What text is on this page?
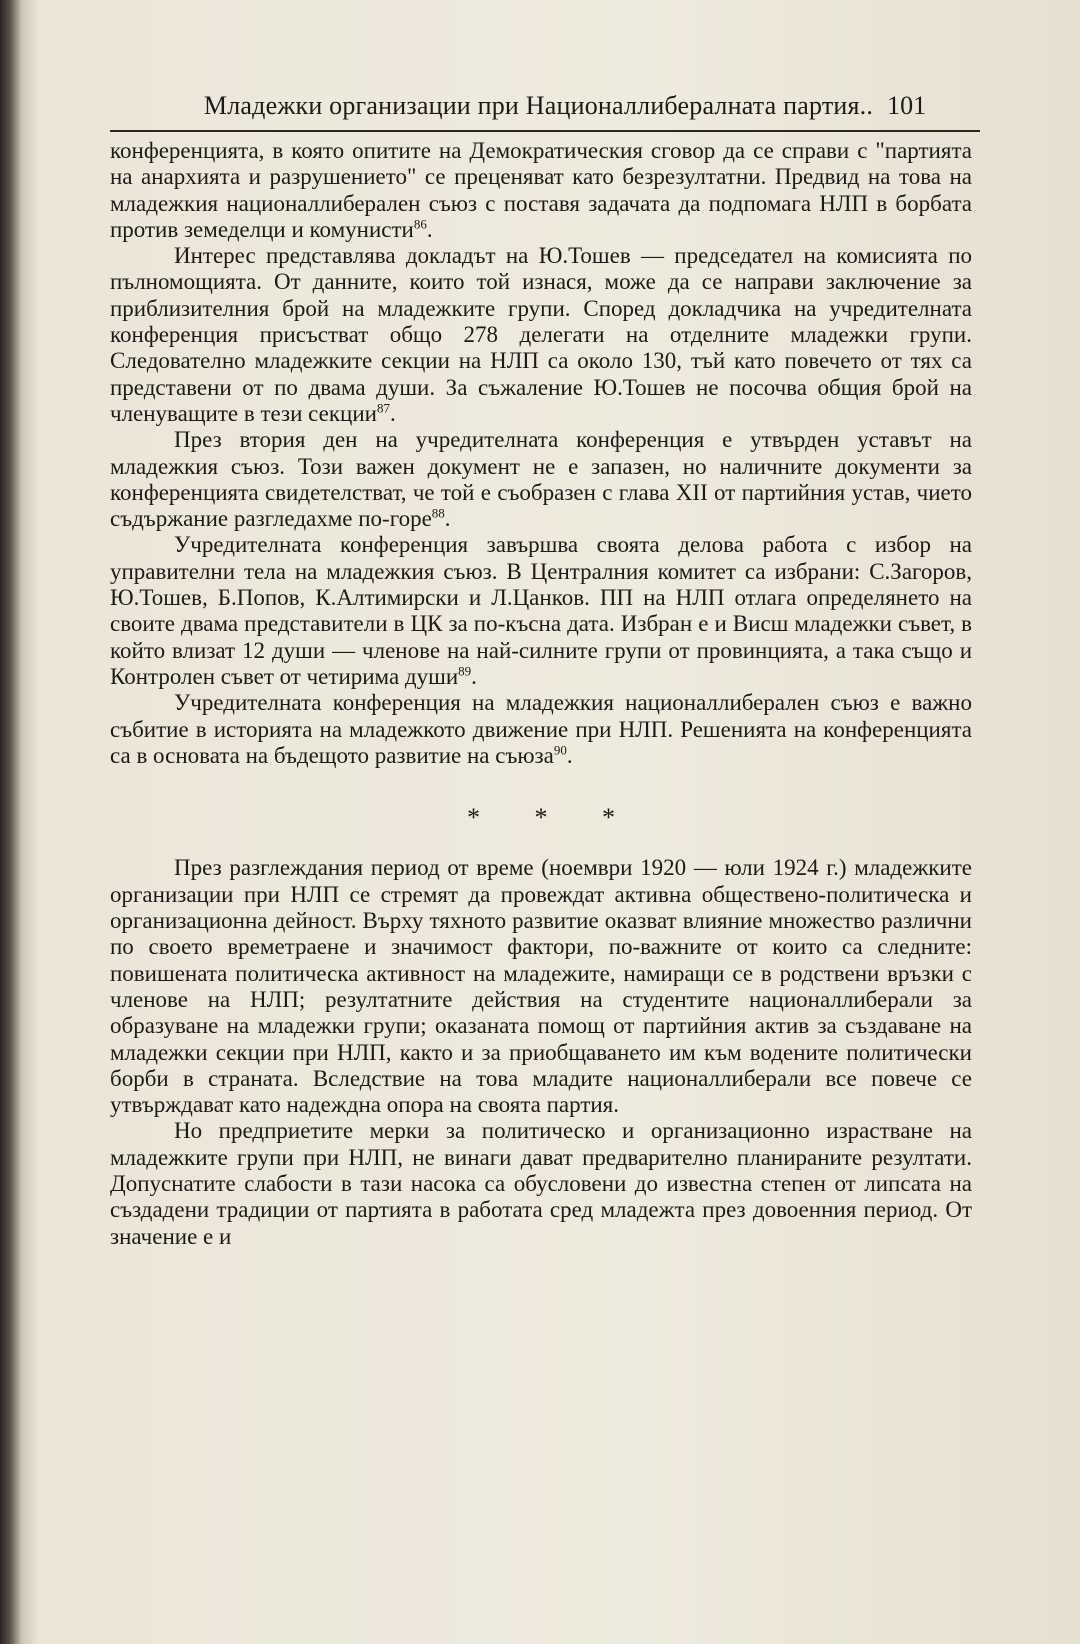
Младежки организации при Националлибералната партия.. 101

конференцията, в която опитите на Демократическия сговор да се справи с "партията на анархията и разрушението" се преценяват като безрезултатни. Предвид на това на младежкия националлиберален съюз с поставя задачата да подпомага НЛП в борбата против земеделци и комунисти$^{86}$.

Интерес представлява докладът на Ю.Тошев — председател на комисията по пълномощията. От данните, които той изнася, може да се направи заключение за приблизителния брой на младежките групи. Според докладчика на учредителната конференция присъстват общо 278 делегати на отделните младежки групи. Следователно младежките секции на НЛП са около 130, тъй като повечето от тях са представени от по двама души. За съжаление Ю.Тошев не посочва общия брой на членуващите в тези секции$^{87}$.

През втория ден на учредителната конференция е утвърден уставът на младежкия съюз. Този важен документ не е запазен, но наличните документи за конференцията свидетелстват, че той е съобразен с глава XII от партийния устав, чието съдържание разгледахме по-горе$^{88}$.

Учредителната конференция завършва своята делова работа с избор на управителни тела на младежкия съюз. В Централния комитет са избрани: С.Загоров, Ю.Тошев, Б.Попов, К.Алтимирски и Л.Цанков. ПП на НЛП отлага определянето на своите двама представители в ЦК за по-късна дата. Избран е и Висш младежки съвет, в който влизат 12 души — членове на най-силните групи от провинцията, а така също и Контролен съвет от четирима души$^{89}$.

Учредителната конференция на младежкия националлиберален съюз е важно събитие в историята на младежкото движение при НЛП. Решенията на конференцията са в основата на бъдещото развитие на съюза$^{90}$.

* * *

През разглеждания период от време (ноември 1920 — юли 1924 г.) младежките организации при НЛП се стремят да провеждат активна обществено-политическа и организационна дейност. Върху тяхното развитие оказват влияние множество различни по своето времетраене и значимост фактори, по-важните от които са следните: повишената политическа активност на младежите, намиращи се в родствени връзки с членове на НЛП; резултатните действия на студентите националлиберали за образуване на младежки групи; оказаната помощ от партийния актив за създаване на младежки секции при НЛП, както и за приобщаването им към водените политически борби в страната. Вследствие на това младите националлиберали все повече се утвърждават като надеждна опора на своята партия.

Но предприетите мерки за политическо и организационно израстване на младежките групи при НЛП, не винаги дават предварително планираните резултати. Допуснатите слабости в тази насока са обусловени до известна степен от липсата на създадени традиции от партията в работата сред младежта през довоенния период. От значение е и
